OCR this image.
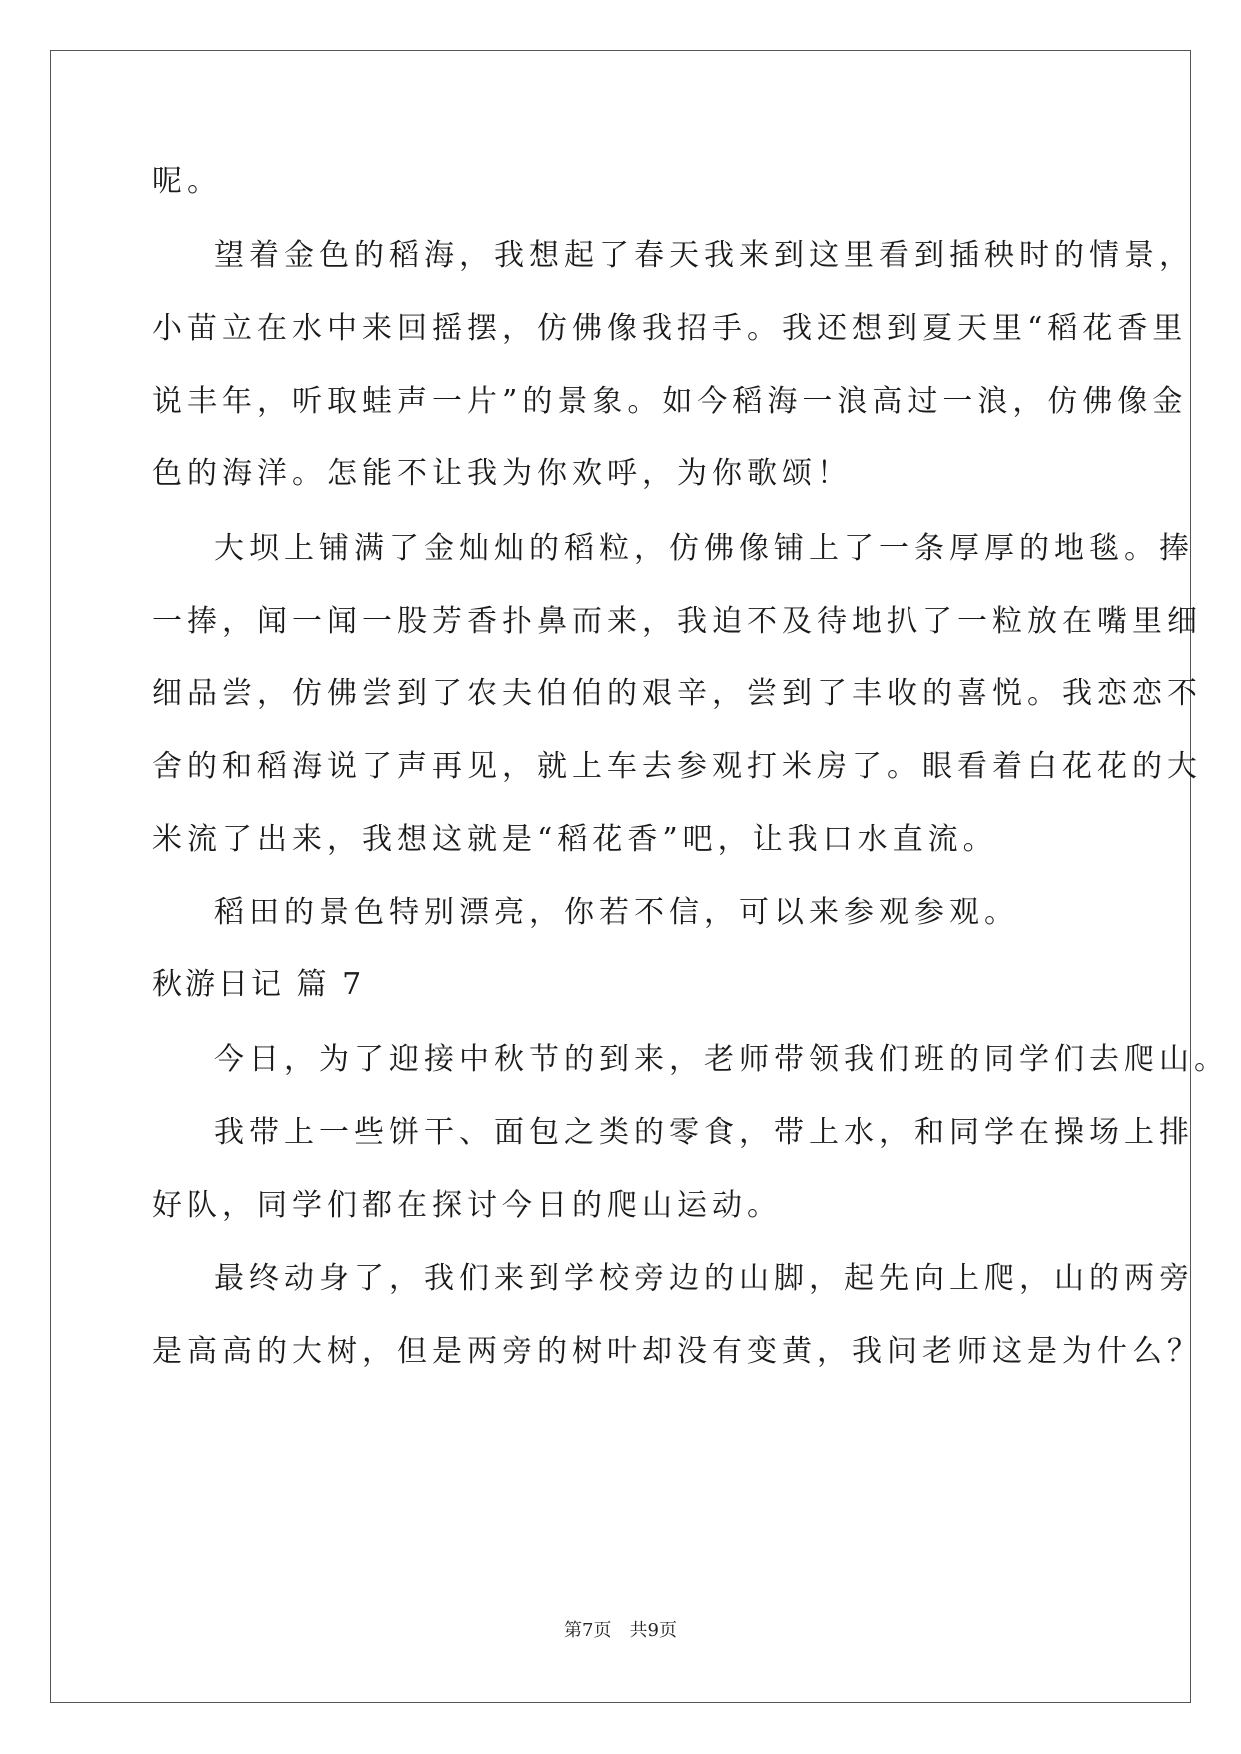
呢。
望着金色的稻海，我想起了春天我来到这里看到插秧时的情景，
小苗立在水中来回摇摆，仿佛像我招手。我还想到夏天里“稻花香里
说丰年，听取蛙声一片”的景象。如今稻海一浪高过一浪，仿佛像金
色的海洋。怎能不让我为你欢呼，为你歌颂！
大坝上铺满了金灿灿的稻粒，仿佛像铺上了一条厚厚的地毯。捧
一捧，闻一闻一股芳香扑鼻而来，我迫不及待地扒了一粒放在嘴里细
细品尝，仿佛尝到了农夫伯伯的艰辛，尝到了丰收的喜悦。我恋恋不
舍的和稻海说了声再见，就上车去参观打米房了。眼看着白花花的大
米流了出来，我想这就是“稻花香”吧，让我口水直流。
稻田的景色特别漂亮，你若不信，可以来参观参观。
秋游日记 篇 7
今日，为了迎接中秋节的到来，老师带领我们班的同学们去爬山。
我带上一些饼干、面包之类的零食，带上水，和同学在操场上排
好队，同学们都在探讨今日的爬山运动。
最终动身了，我们来到学校旁边的山脚，起先向上爬，山的两旁
是高高的大树，但是两旁的树叶却没有变黄，我问老师这是为什么？
第7页　共9页
